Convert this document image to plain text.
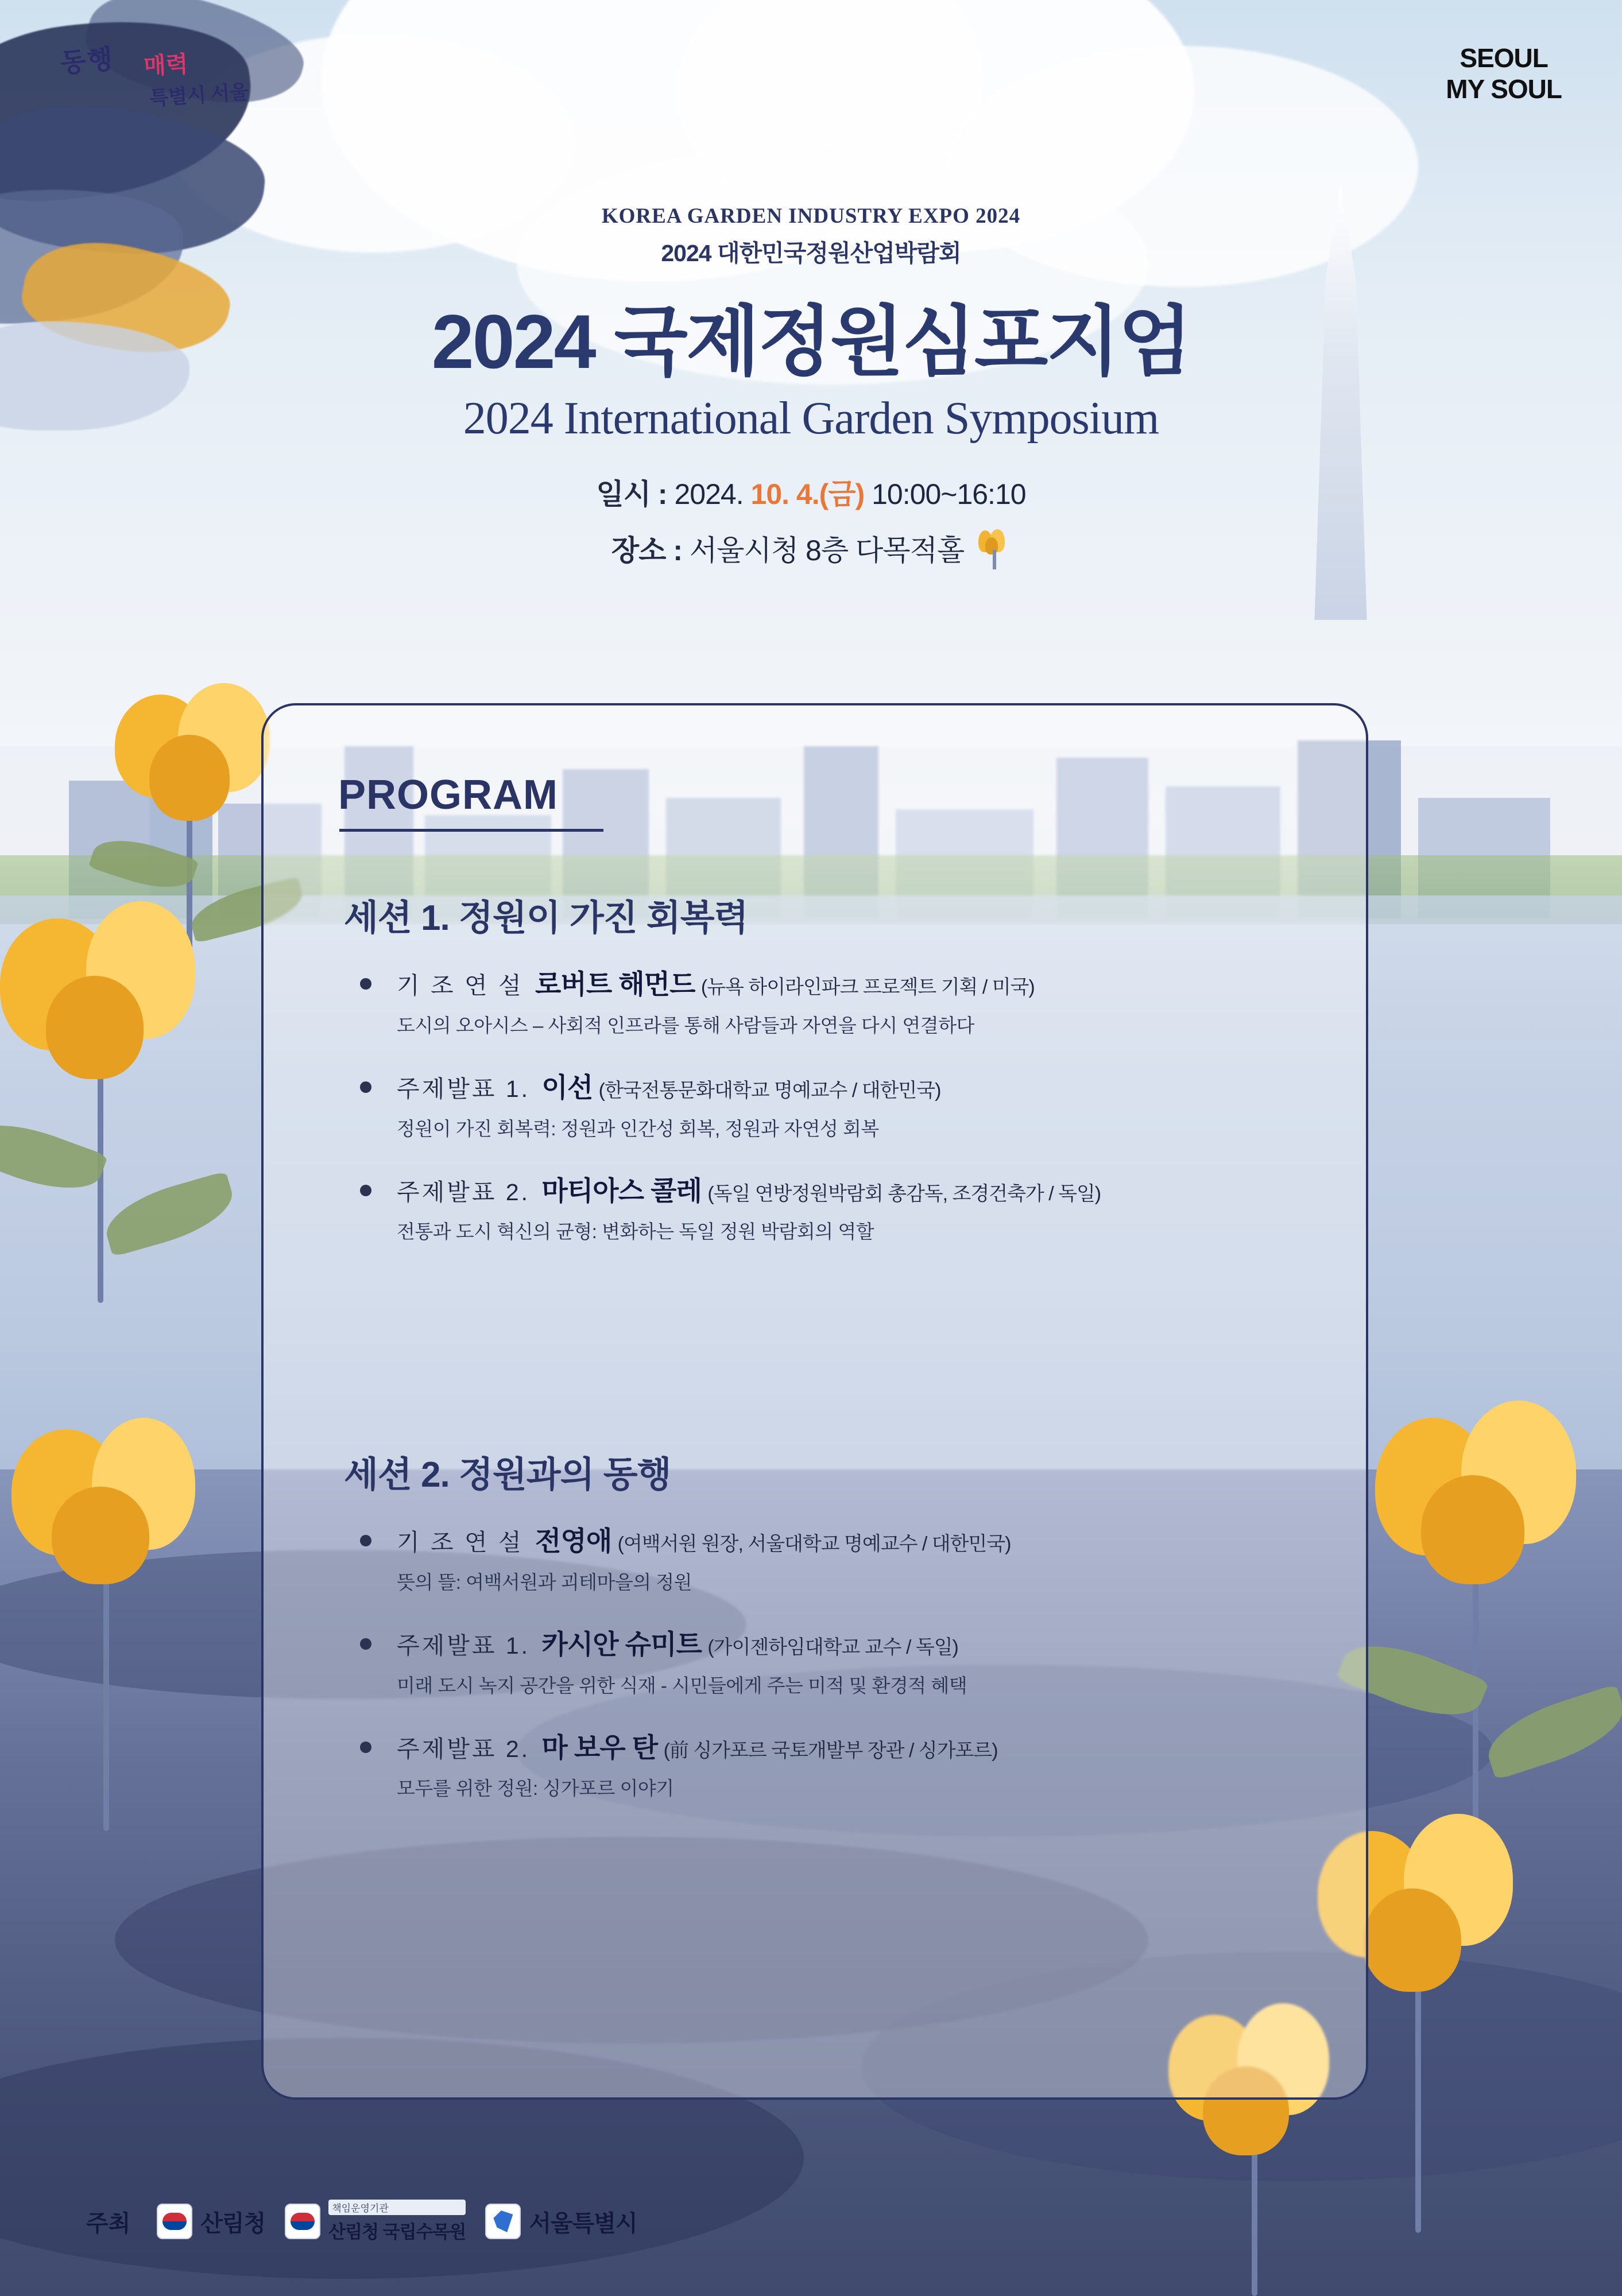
동행 매력
특별시 서울
SEOUL
MY SOUL
KOREA GARDEN INDUSTRY EXPO 2024
2024 대한민국정원산업박람회
2024 국제정원심포지엄
2024 International Garden Symposium
일시 : 2024. 10. 4.(금) 10:00~16:10
장소 : 서울시청 8층 다목적홀
PROGRAM
세션 1. 정원이 가진 회복력
기 조 연 설 로버트 해먼드 (뉴욕 하이라인파크 프로젝트 기획 / 미국)
도시의 오아시스 – 사회적 인프라를 통해 사람들과 자연을 다시 연결하다
주제발표 1. 이선 (한국전통문화대학교 명예교수 / 대한민국)
정원이 가진 회복력: 정원과 인간성 회복, 정원과 자연성 회복
주제발표 2. 마티아스 콜레 (독일 연방정원박람회 총감독, 조경건축가 / 독일)
전통과 도시 혁신의 균형: 변화하는 독일 정원 박람회의 역할
세션 2. 정원과의 동행
기 조 연 설 전영애 (여백서원 원장, 서울대학교 명예교수 / 대한민국)
뜻의 뜰: 여백서원과 괴테마을의 정원
주제발표 1. 카시안 슈미트 (가이젠하임대학교 교수 / 독일)
미래 도시 녹지 공간을 위한 식재 - 시민들에게 주는 미적 및 환경적 혜택
주제발표 2. 마 보우 탄 (前 싱가포르 국토개발부 장관 / 싱가포르)
모두를 위한 정원: 싱가포르 이야기
주최	산림청
책임운영기관
산림청 국립수목원	서울특별시
